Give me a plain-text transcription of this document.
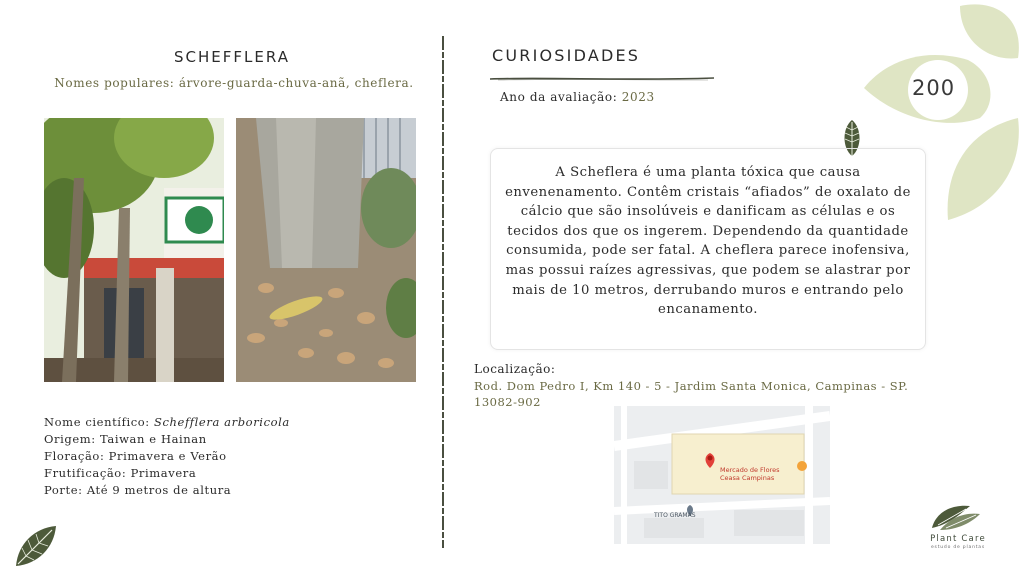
SCHEFFLERA
Nomes populares: árvore-guarda-chuva-anã, cheflera.
Nome científico: Schefflera arboricola
Origem: Taiwan e Hainan
Floração: Primavera e Verão
Frutificação: Primavera
Porte: Até 9 metros de altura
CURIOSIDADES
Ano da avaliação: 2023
A Scheflera é uma planta tóxica que causa envenenamento. Contêm cristais “afiados” de oxalato de cálcio que são insolúveis e danificam as células e os tecidos dos que os ingerem. Dependendo da quantidade consumida, pode ser fatal. A cheflera parece inofensiva, mas possui raízes agressivas, que podem se alastrar por mais de 10 metros, derrubando muros e entrando pelo encanamento.
Localização:
Rod. Dom Pedro I, Km 140 - 5 - Jardim Santa Monica, Campinas - SP. 13082-902
Mercado de Flores
Ceasa Campinas
TITO GRAMAS
200
Plant Care
estudo de plantas
